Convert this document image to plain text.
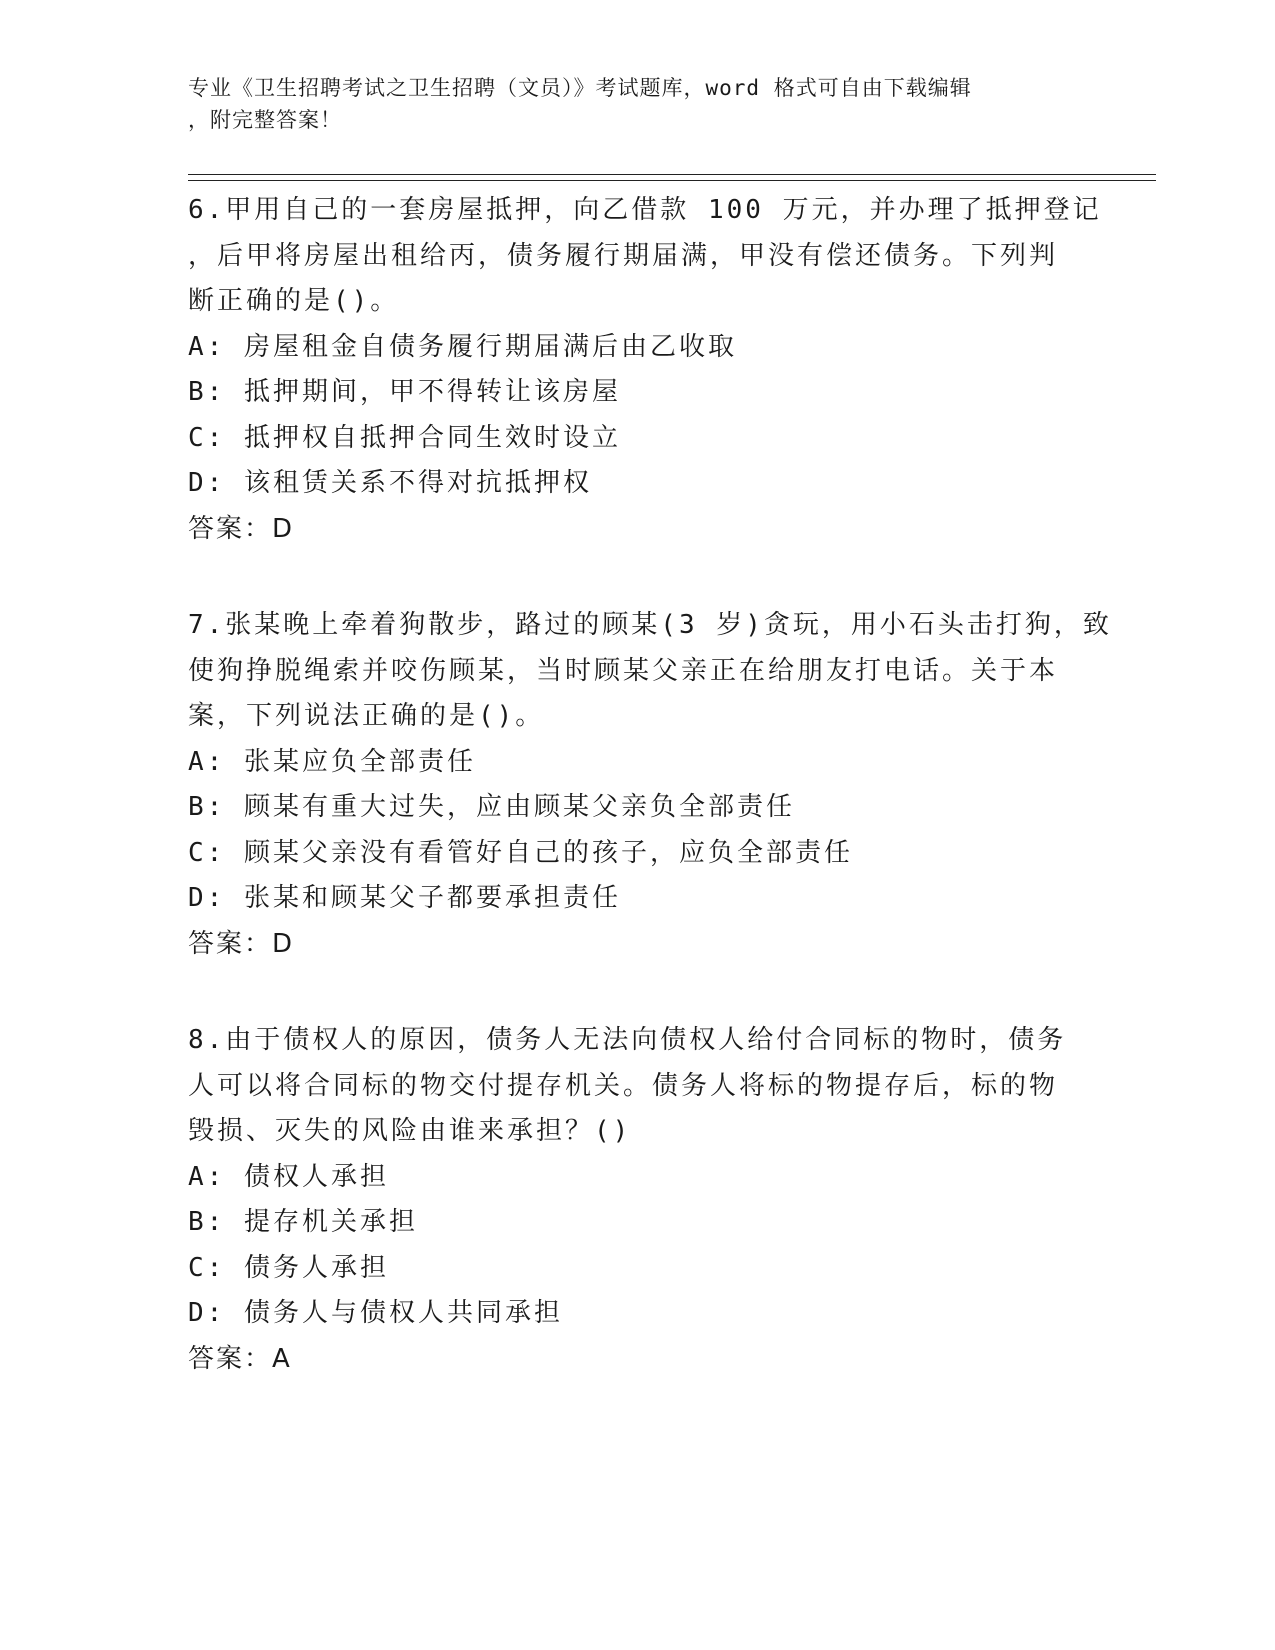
专业《卫生招聘考试之卫生招聘（文员）》考试题库，word 格式可自由下载编辑
，附完整答案！
6.甲用自己的一套房屋抵押，向乙借款 100 万元，并办理了抵押登记
，后甲将房屋出租给丙，债务履行期届满，甲没有偿还债务。下列判
断正确的是()。
A: 房屋租金自债务履行期届满后由乙收取
B: 抵押期间，甲不得转让该房屋
C: 抵押权自抵押合同生效时设立
D: 该租赁关系不得对抗抵押权
答案：D
7.张某晚上牵着狗散步，路过的顾某(3 岁)贪玩，用小石头击打狗，致
使狗挣脱绳索并咬伤顾某，当时顾某父亲正在给朋友打电话。关于本
案，下列说法正确的是()。
A: 张某应负全部责任
B: 顾某有重大过失，应由顾某父亲负全部责任
C: 顾某父亲没有看管好自己的孩子，应负全部责任
D: 张某和顾某父子都要承担责任
答案：D
8.由于债权人的原因，债务人无法向债权人给付合同标的物时，债务
人可以将合同标的物交付提存机关。债务人将标的物提存后，标的物
毁损、灭失的风险由谁来承担？()
A: 债权人承担
B: 提存机关承担
C: 债务人承担
D: 债务人与债权人共同承担
答案：A
